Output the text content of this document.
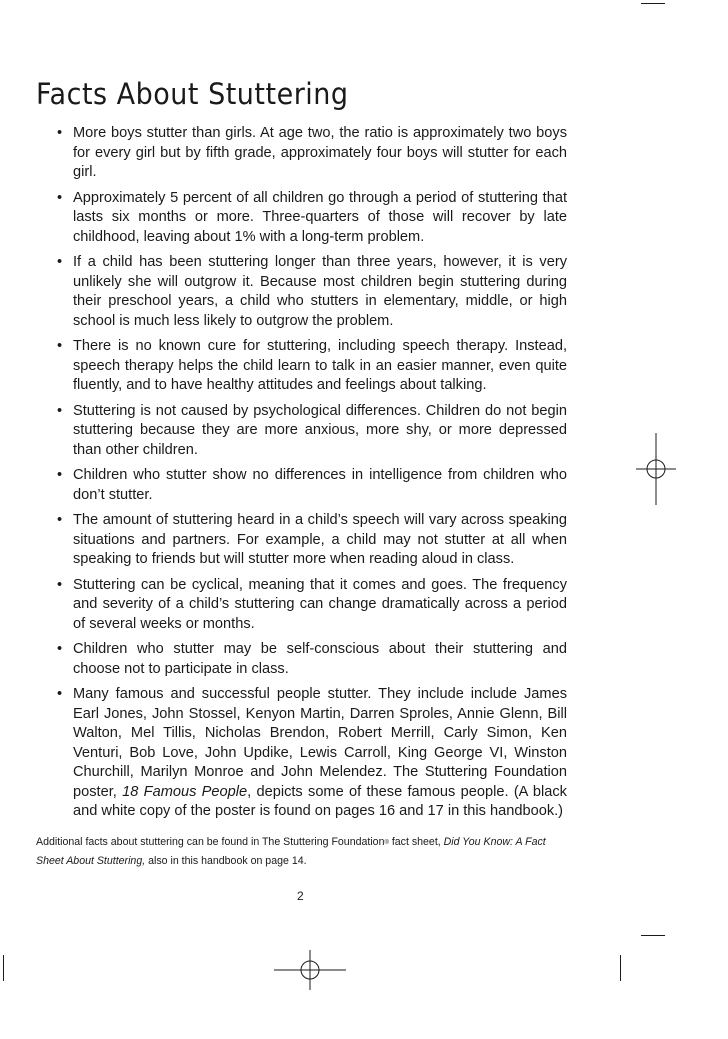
Facts About Stuttering
• More boys stutter than girls. At age two, the ratio is approximately two boys for every girl but by fifth grade, approximately four boys will stutter for each girl.
• Approximately 5 percent of all children go through a period of stuttering that lasts six months or more. Three-quarters of those will recover by late childhood, leaving about 1% with a long-term problem.
• If a child has been stuttering longer than three years, however, it is very unlikely she will outgrow it. Because most children begin stuttering during their preschool years, a child who stutters in elementary, middle, or high school is much less likely to outgrow the problem.
• There is no known cure for stuttering, including speech therapy. Instead, speech therapy helps the child learn to talk in an easier manner, even quite fluently, and to have healthy attitudes and feelings about talking.
• Stuttering is not caused by psychological differences. Children do not begin stuttering because they are more anxious, more shy, or more depressed than other children.
• Children who stutter show no differences in intelligence from children who don’t stutter.
• The amount of stuttering heard in a child’s speech will vary across speaking situations and partners. For example, a child may not stutter at all when speaking to friends but will stutter more when reading aloud in class.
• Stuttering can be cyclical, meaning that it comes and goes. The frequency and severity of a child’s stuttering can change dramatically across a period of several weeks or months.
• Children who stutter may be self-conscious about their stuttering and choose not to participate in class.
• Many famous and successful people stutter. They include include James Earl Jones, John Stossel, Kenyon Martin, Darren Sproles, Annie Glenn, Bill Walton, Mel Tillis, Nicholas Brendon, Robert Merrill, Carly Simon, Ken Venturi, Bob Love, John Updike, Lewis Carroll, King George VI, Winston Churchill, Marilyn Monroe and John Melendez. The Stuttering Foundation poster, 18 Famous People, depicts some of these famous people. (A black and white copy of the poster is found on pages 16 and 17 in this handbook.)

Additional facts about stuttering can be found in The Stuttering Foundation® fact sheet, Did You Know: A Fact Sheet About Stuttering, also in this handbook on page 14.

2
